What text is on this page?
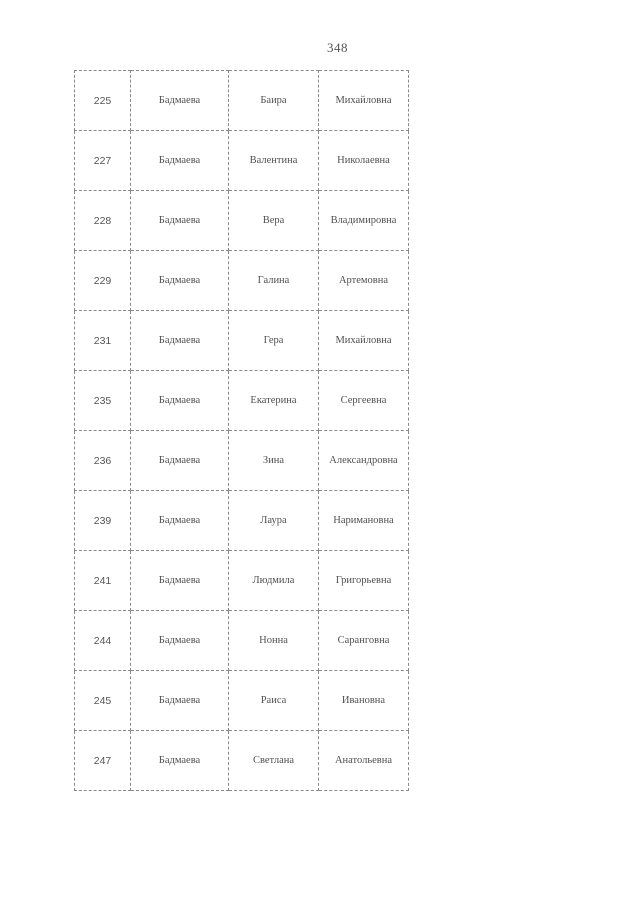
348
225	Бадмаева	Баира	Михайловна
227	Бадмаева	Валентина	Николаевна
228	Бадмаева	Вера	Владимировна
229	Бадмаева	Галина	Артемовна
231	Бадмаева	Гера	Михайловна
235	Бадмаева	Екатерина	Сергеевна
236	Бадмаева	Зина	Александровна
239	Бадмаева	Лаура	Наримановна
241	Бадмаева	Людмила	Григорьевна
244	Бадмаева	Нонна	Саранговна
245	Бадмаева	Раиса	Ивановна
247	Бадмаева	Светлана	Анатольевна
